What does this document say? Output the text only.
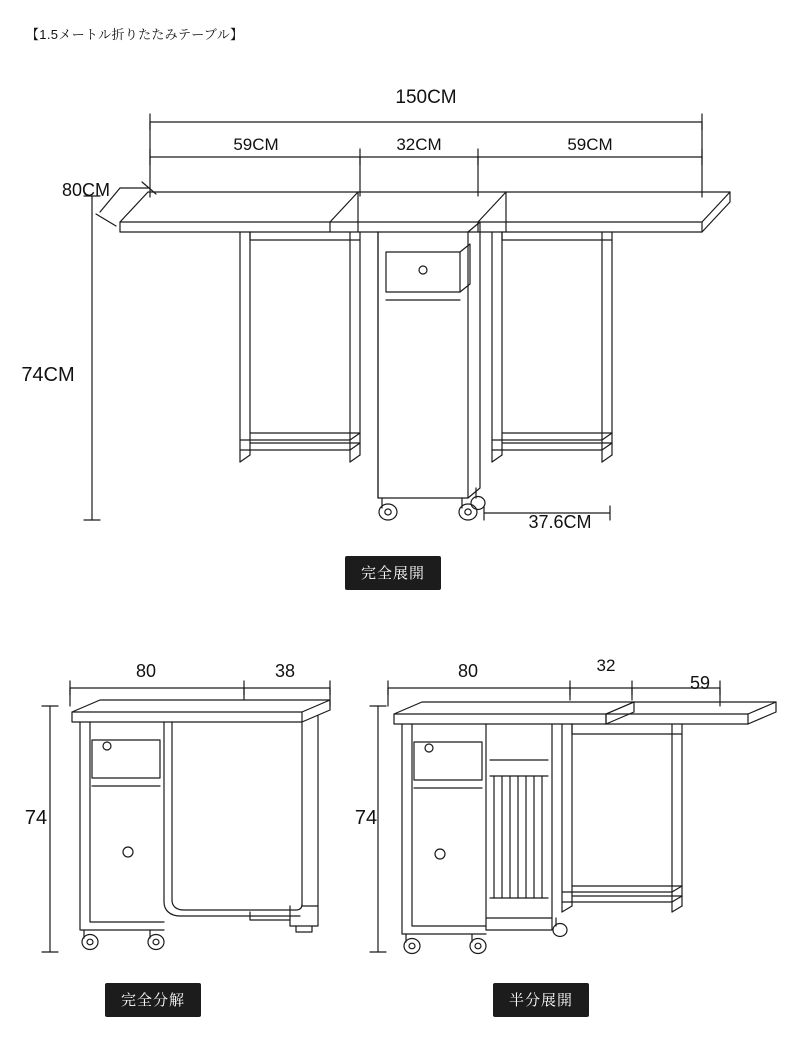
【1.5メートル折りたたみテーブル】
150CM
59CM	32CM	59CM
80CM
74CM
37.6CM
80	38
74
80	32
59
74
完全展開
完全分解	半分展開
